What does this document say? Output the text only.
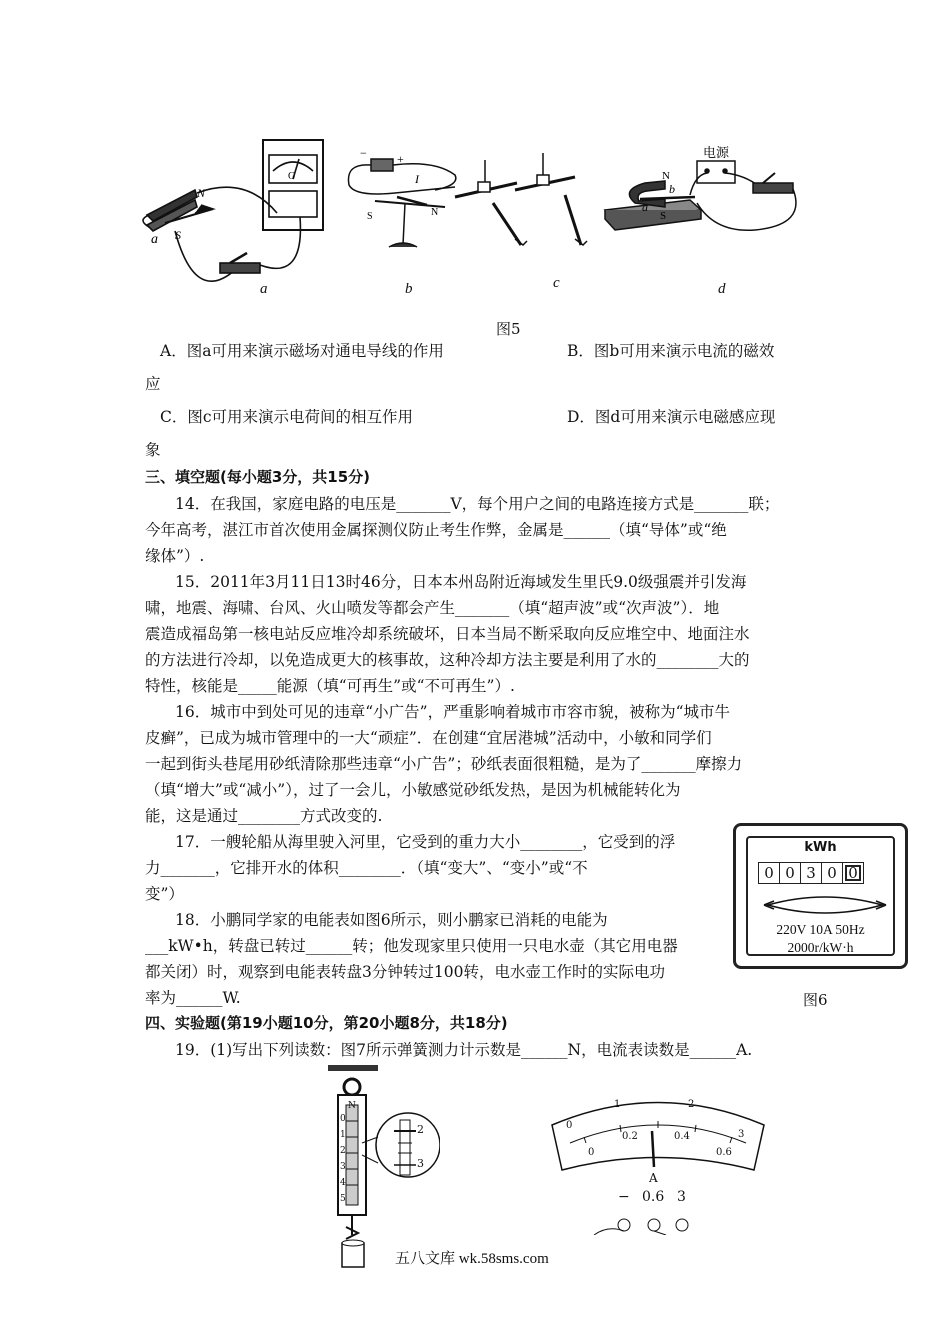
N
S
a
G
−	+
I
S	N
电源
N
S
a
b
a	b	c	d
图5
A．图a可用来演示磁场对通电导线的作用	B．图b可用来演示电流的磁效
应
C．图c可用来演示电荷间的相互作用	D．图d可用来演示电磁感应现
象
三、填空题(每小题3分，共15分)
14．在我国，家庭电路的电压是_______V，每个用户之间的电路连接方式是_______联；
今年高考，湛江市首次使用金属探测仪防止考生作弊，金属是______（填“导体”或“绝
缘体”）.
15．2011年3月11日13时46分，日本本州岛附近海域发生里氏9.0级强震并引发海
啸，地震、海啸、台风、火山喷发等都会产生_______（填“超声波”或“次声波”）．地
震造成福岛第一核电站反应堆冷却系统破坏，日本当局不断采取向反应堆空中、地面注水
的方法进行冷却，以免造成更大的核事故，这种冷却方法主要是利用了水的________大的
特性，核能是_____能源（填“可再生”或“不可再生”）.
16．城市中到处可见的违章“小广告”，严重影响着城市市容市貌，被称为“城市牛
皮癣”，已成为城市管理中的一大“顽症”．在创建“宜居港城”活动中，小敏和同学们
一起到街头巷尾用砂纸清除那些违章“小广告”；砂纸表面很粗糙，是为了_______摩擦力
（填“增大”或“减小”），过了一会儿，小敏感觉砂纸发热，是因为机械能转化为
能，这是通过________方式改变的.
17．一艘轮船从海里驶入河里，它受到的重力大小________，它受到的浮
力_______，它排开水的体积________．（填“变大”、“变小”或“不
变”）
18．小鹏同学家的电能表如图6所示，则小鹏家已消耗的电能为
___kW•h，转盘已转过______转；他发现家里只使用一只电水壶（其它用电器
都关闭）时，观察到电能表转盘3分钟转过100转，电水壶工作时的实际电功
率为______W.
kWh
0 0 3 0 0
220V 10A 50Hz
2000r/kW·h
图6
四、实验题(第19小题10分，第20小题8分，共18分)
19．(1)写出下列读数：图7所示弹簧测力计示数是______N，电流表读数是______A.
N
0
1
2
3
4
5
2
3
0
1	2
3
0
0.2	0.4
0.6
A
− 0.6 3
五八文库 wk.58sms.com
